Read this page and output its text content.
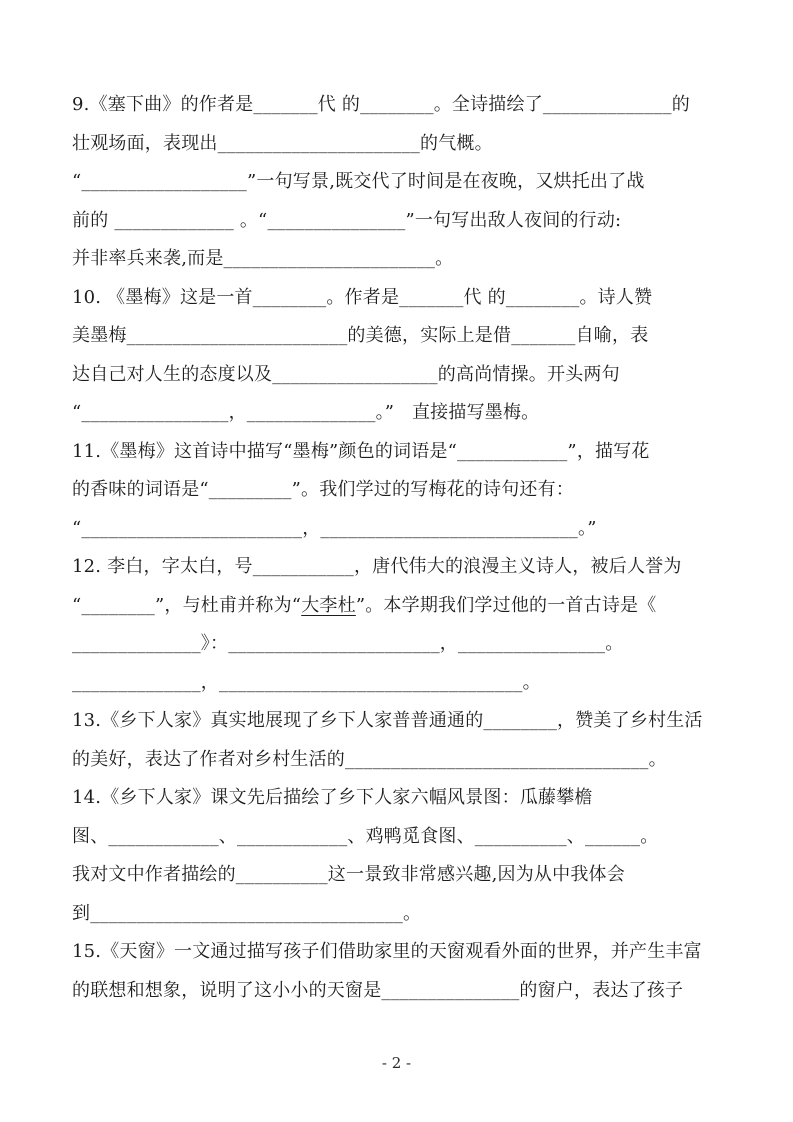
9.《塞下曲》的作者是_______代 的________。全诗描绘了______________的
壮观场面，表现出______________________的气概。
“__________________”一句写景,既交代了时间是在夜晚，又烘托出了战
前的 _____________ 。“_______________”一句写出敌人夜间的行动:
并非率兵来袭,而是_______________________。
10. 《墨梅》这是一首________。作者是_______代 的________。诗人赞
美墨梅________________________的美德，实际上是借_______自喻，表
达自己对人生的态度以及__________________的高尚情操。开头两句
“________________，______________。”   直接描写墨梅。
11.《墨梅》这首诗中描写“墨梅”颜色的词语是“____________”，描写花
的香味的词语是“_________”。我们学过的写梅花的诗句还有：
“________________________，____________________________。”
12. 李白，字太白，号___________，唐代伟大的浪漫主义诗人，被后人誉为
“________”，与杜甫并称为“大李杜”。本学期我们学过他的一首古诗是《
______________》：_______________________，________________。
______________，_________________________________。
13.《乡下人家》真实地展现了乡下人家普普通通的________，赞美了乡村生活
的美好，表达了作者对乡村生活的_________________________________。
14.《乡下人家》课文先后描绘了乡下人家六幅风景图：瓜藤攀檐
图、____________、____________、鸡鸭觅食图、__________、______。
我对文中作者描绘的__________这一景致非常感兴趣,因为从中我体会
到__________________________________。
15.《天窗》一文通过描写孩子们借助家里的天窗观看外面的世界，并产生丰富
的联想和想象，说明了这小小的天窗是_______________的窗户，表达了孩子
- 2 -
